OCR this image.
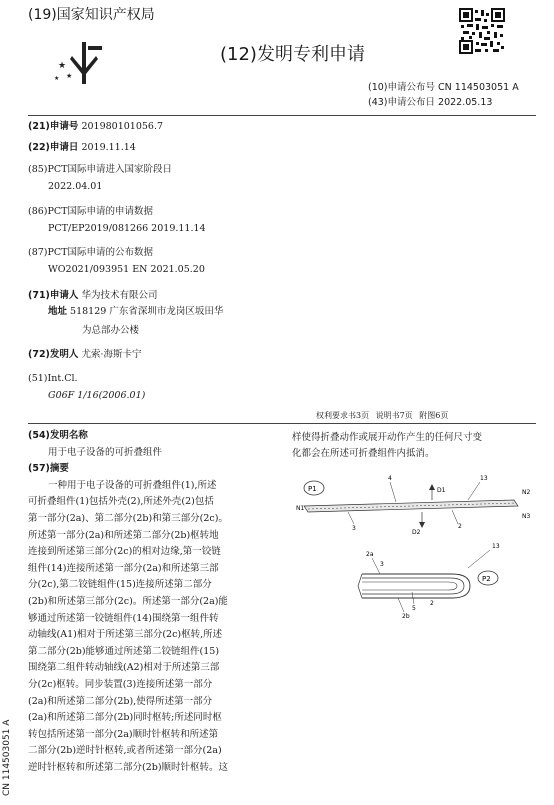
(19)国家知识产权局
★
★
★
(12)发明专利申请
(10)申请公布号 CN 114503051 A
(43)申请公布日 2022.05.13
(21)申请号 201980101056.7
(22)申请日 2019.11.14
(85)PCT国际申请进入国家阶段日
2022.04.01
(86)PCT国际申请的申请数据
PCT/EP2019/081266 2019.11.14
(87)PCT国际申请的公布数据
WO2021/093951 EN 2021.05.20
(71)申请人 华为技术有限公司
地址 518129 广东省深圳市龙岗区坂田华
为总部办公楼
(72)发明人 尤索·海斯卡宁
(51)Int.Cl.
G06F 1/16(2006.01)
权利要求书3页 说明书7页 附图6页
(54)发明名称
用于电子设备的可折叠组件
(57)摘要
一种用于电子设备的可折叠组件(1),所述
可折叠组件(1)包括外壳(2),所述外壳(2)包括
第一部分(2a)、第二部分(2b)和第三部分(2c)。
所述第一部分(2a)和所述第二部分(2b)枢转地
连接到所述第三部分(2c)的相对边缘,第一铰链
组件(14)连接所述第一部分(2a)和所述第三部
分(2c),第二铰链组件(15)连接所述第二部分
(2b)和所述第三部分(2c)。所述第一部分(2a)能
够通过所述第一铰链组件(14)围绕第一组件转
动轴线(A1)相对于所述第三部分(2c)枢转,所述
第二部分(2b)能够通过所述第二铰链组件(15)
围绕第二组件转动轴线(A2)相对于所述第三部
分(2c)枢转。同步装置(3)连接所述第一部分
(2a)和所述第二部分(2b),使得所述第一部分
(2a)和所述第二部分(2b)同时枢转;所述同时枢
转包括所述第一部分(2a)顺时针枢转和所述第
二部分(2b)逆时针枢转,或者所述第一部分(2a)
逆时针枢转和所述第二部分(2b)顺时针枢转。这
样使得折叠动作或展开动作产生的任何尺寸变
化都会在所述可折叠组件内抵消。
P1
N1
N2
N3
D1
D2
4	13
3	2
P2
13
2a
3
2b
5
2
CN 114503051 A
